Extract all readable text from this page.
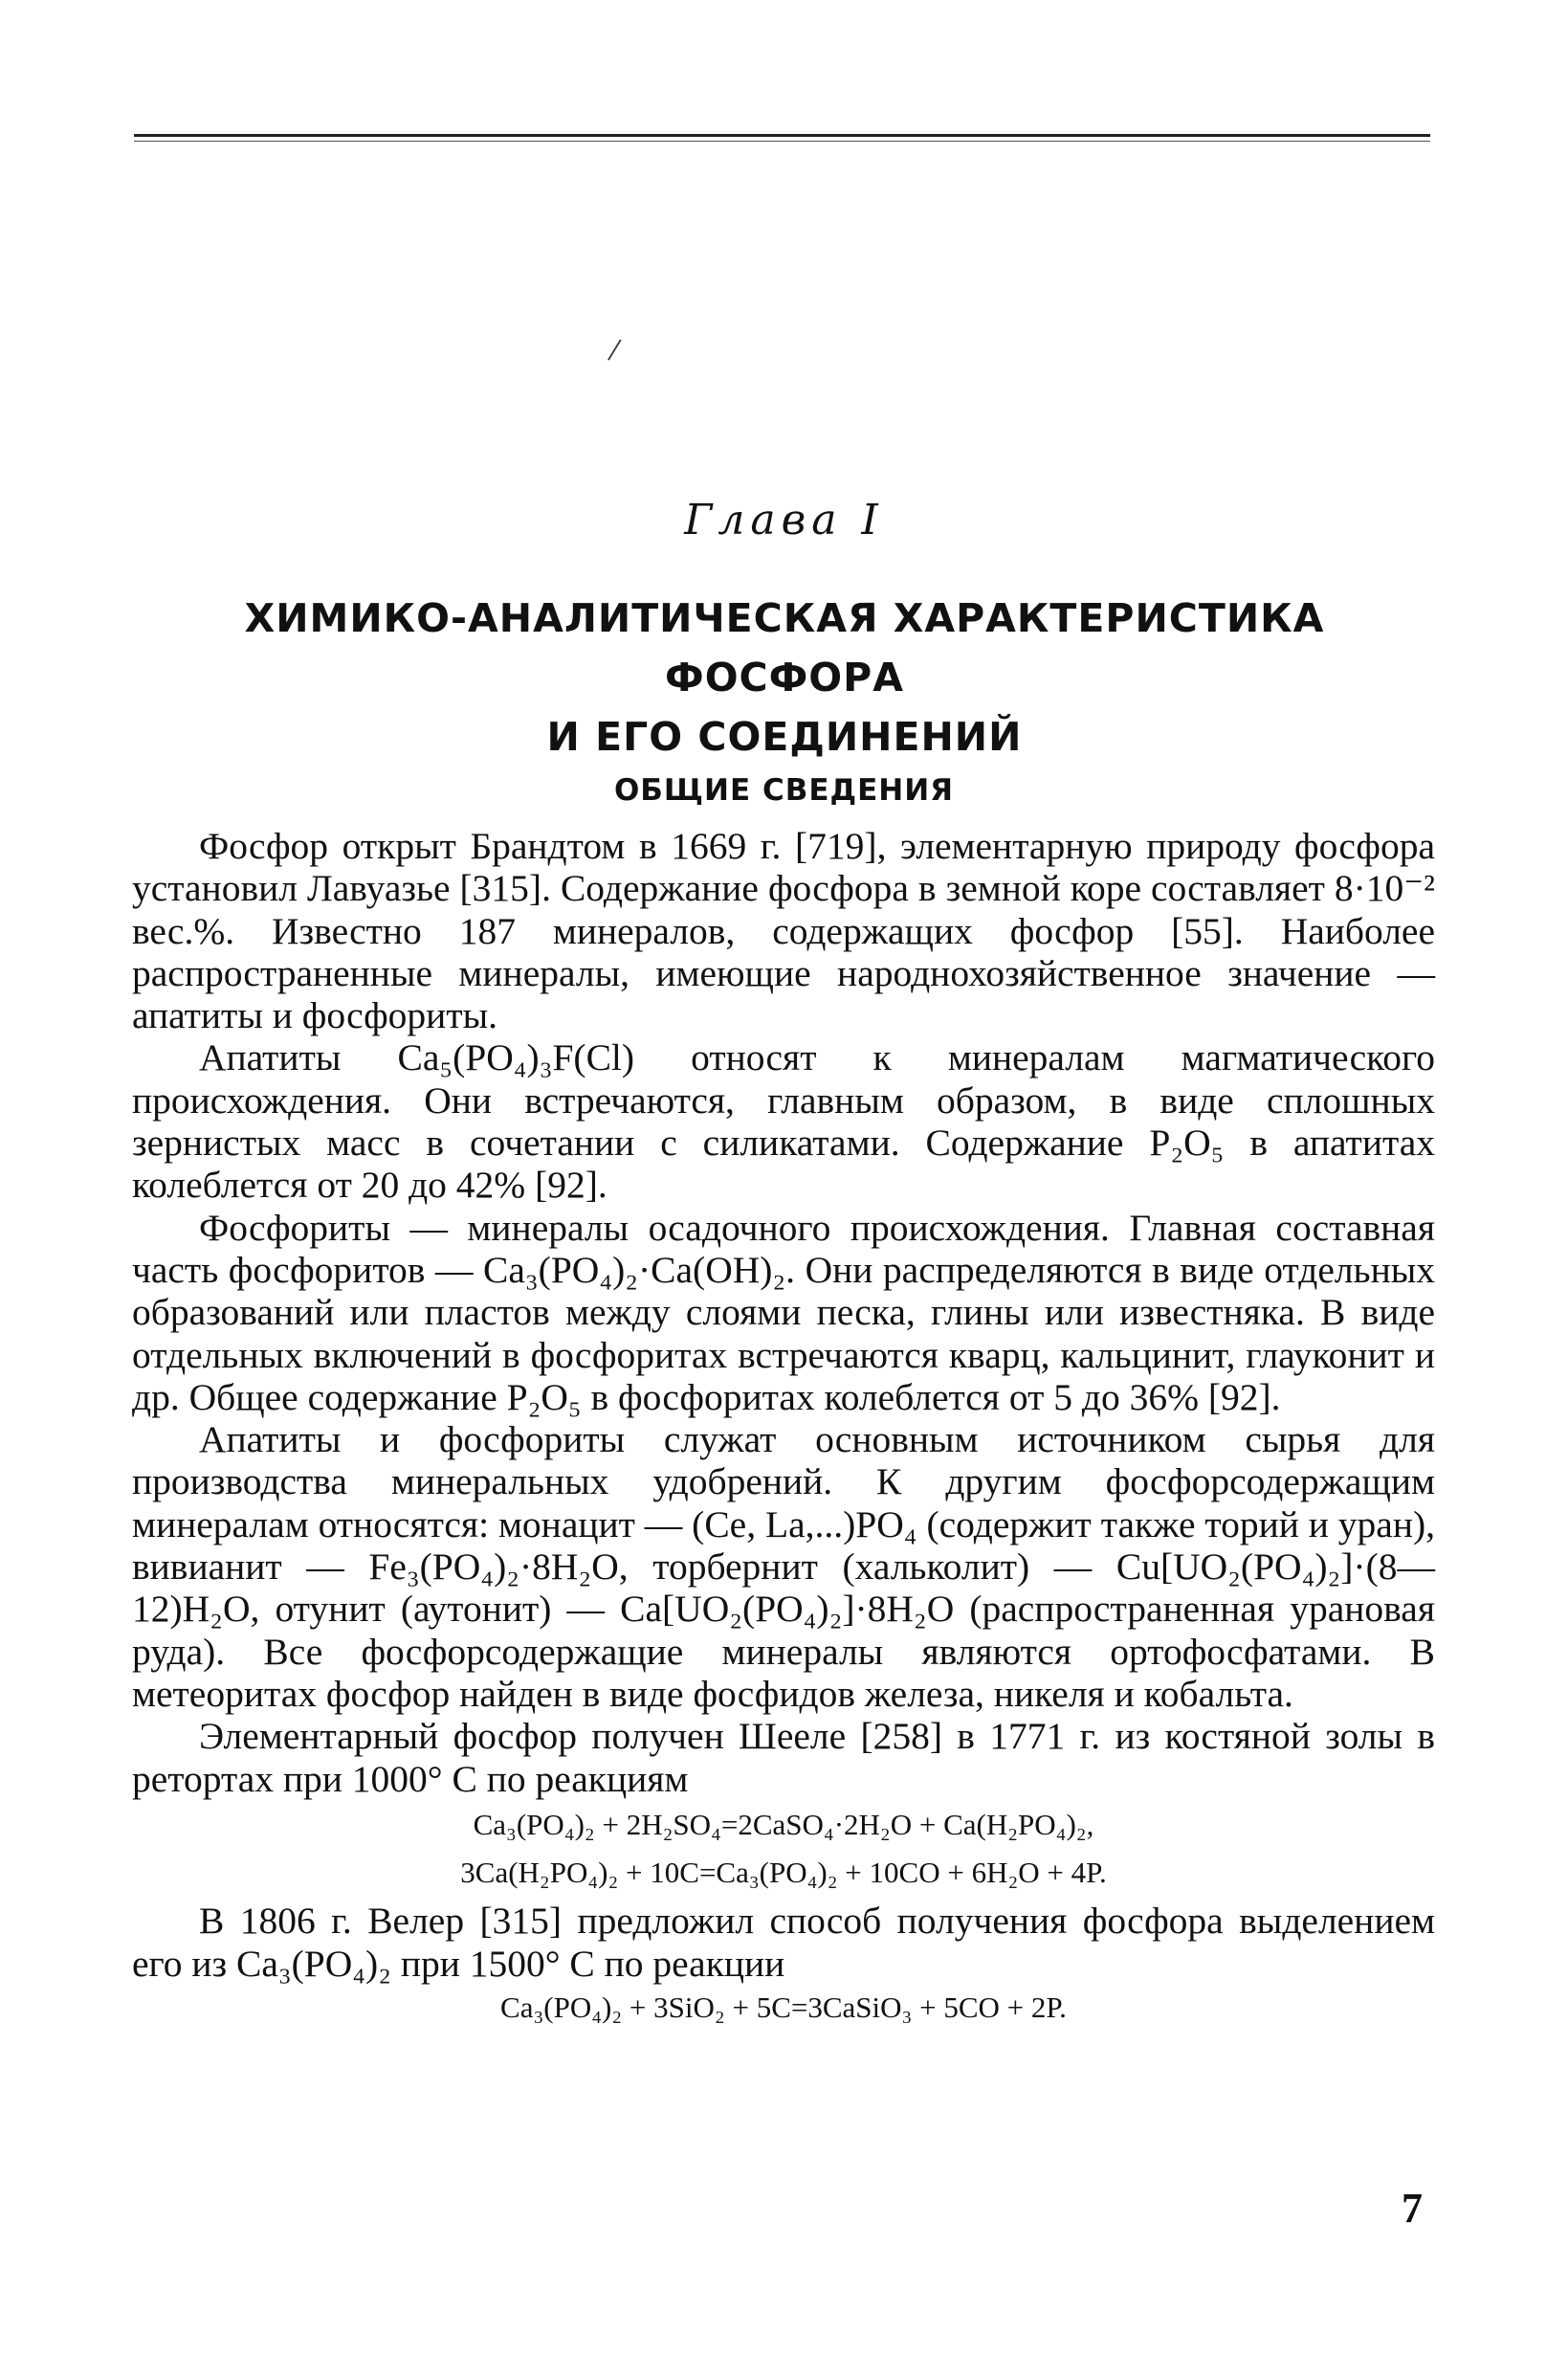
⁄
Глава I
ХИМИКО-АНАЛИТИЧЕСКАЯ ХАРАКТЕРИСТИКА ФОСФОРА
И ЕГО СОЕДИНЕНИЙ
ОБЩИЕ СВЕДЕНИЯ

Фосфор открыт Брандтом в 1669 г. [719], элементарную природу фосфора установил Лавуазье [315]. Содержание фосфора в земной коре составляет 8·10⁻² вес.%. Известно 187 минералов, содержащих фосфор [55]. Наиболее распространенные минералы, имеющие народнохозяйственное значение — апатиты и фосфориты.

Апатиты Ca₅(PO₄)₃F(Cl) относят к минералам магматического происхождения. Они встречаются, главным образом, в виде сплошных зернистых масс в сочетании с силикатами. Содержание P₂O₅ в апатитах колеблется от 20 до 42% [92].

Фосфориты — минералы осадочного происхождения. Главная составная часть фосфоритов — Ca₃(PO₄)₂·Ca(OH)₂. Они распределяются в виде отдельных образований или пластов между слоями песка, глины или известняка. В виде отдельных включений в фосфоритах встречаются кварц, кальцинит, глауконит и др. Общее содержание P₂O₅ в фосфоритах колеблется от 5 до 36% [92].

Апатиты и фосфориты служат основным источником сырья для производства минеральных удобрений. К другим фосфорсодержащим минералам относятся: монацит — (Ce, La,...)PO₄ (содержит также торий и уран), вивианит — Fe₃(PO₄)₂·8H₂O, торбернит (хальколит) — Cu[UO₂(PO₄)₂]·(8—12)H₂O, отунит (аутонит) — Ca[UO₂(PO₄)₂]·8H₂O (распространенная урановая руда). Все фосфорсодержащие минералы являются ортофосфатами. В метеоритах фосфор найден в виде фосфидов железа, никеля и кобальта.

Элементарный фосфор получен Шееле [258] в 1771 г. из костяной золы в ретортах при 1000° С по реакциям

Ca₃(PO₄)₂ + 2H₂SO₄=2CaSO₄·2H₂O + Ca(H₂PO₄)₂,
3Ca(H₂PO₄)₂ + 10C=Ca₃(PO₄)₂ + 10CO + 6H₂O + 4P.

В 1806 г. Велер [315] предложил способ получения фосфора выделением его из Ca₃(PO₄)₂ при 1500° С по реакции

Ca₃(PO₄)₂ + 3SiO₂ + 5C=3CaSiO₃ + 5CO + 2P.
7
